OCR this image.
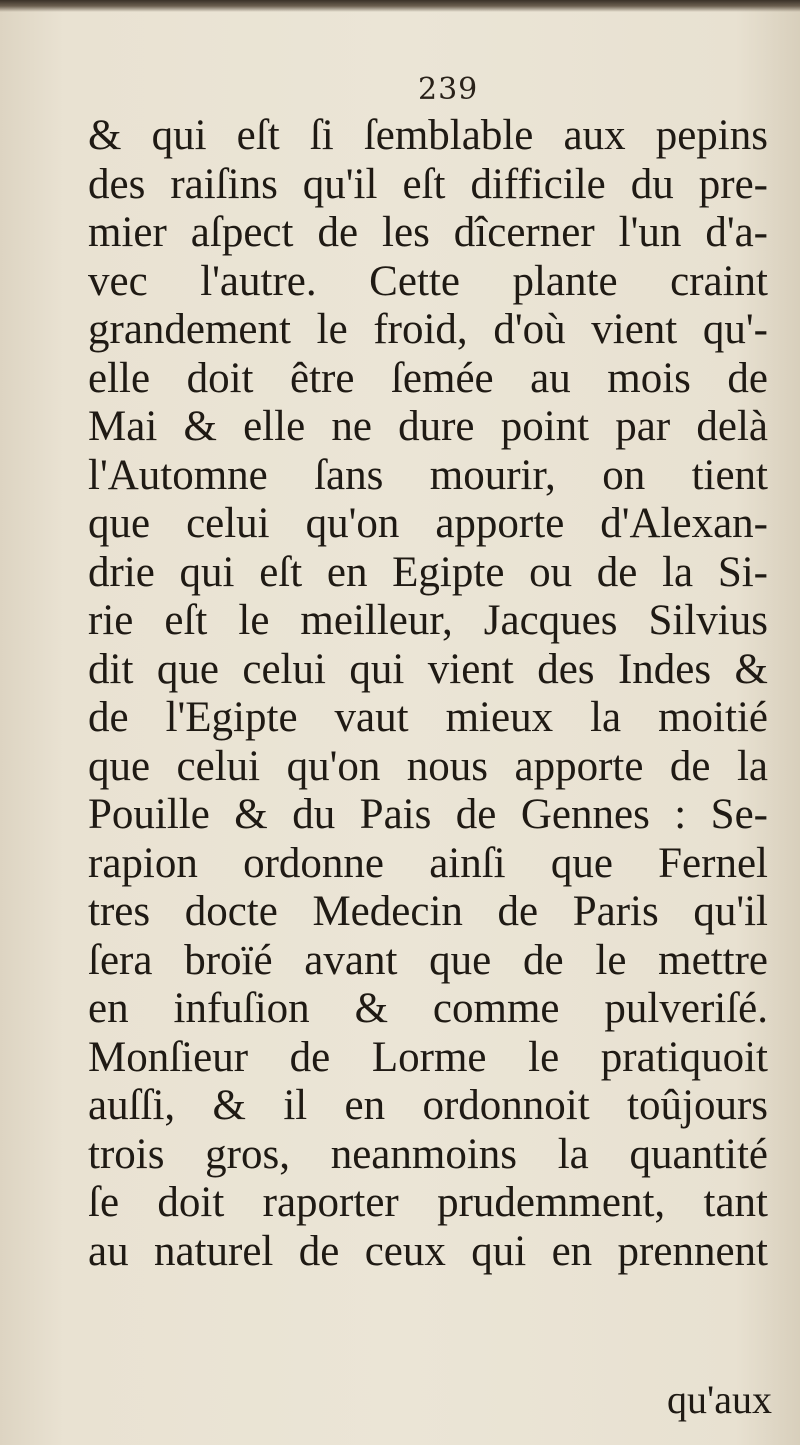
239
& qui eſt ſi ſemblable aux pepins
des raiſins qu'il eſt difficile du pre-
mier aſpect de les dîcerner l'un d'a-
vec l'autre. Cette plante craint
grandement le froid, d'où vient qu'-
elle doit être ſemée au mois de
Mai & elle ne dure point par delà
l'Automne ſans mourir, on tient
que celui qu'on apporte d'Alexan-
drie qui eſt en Egipte ou de la Si-
rie eſt le meilleur, Jacques Silvius
dit que celui qui vient des Indes &
de l'Egipte vaut mieux la moitié
que celui qu'on nous apporte de la
Pouille & du Pais de Gennes : Se-
rapion ordonne ainſi que Fernel
tres docte Medecin de Paris qu'il
ſera broïé avant que de le mettre
en infuſion & comme pulveriſé.
Monſieur de Lorme le pratiquoit
auſſi, & il en ordonnoit toûjours
trois gros, neanmoins la quantité
ſe doit raporter prudemment, tant
au naturel de ceux qui en prennent
qu'aux
